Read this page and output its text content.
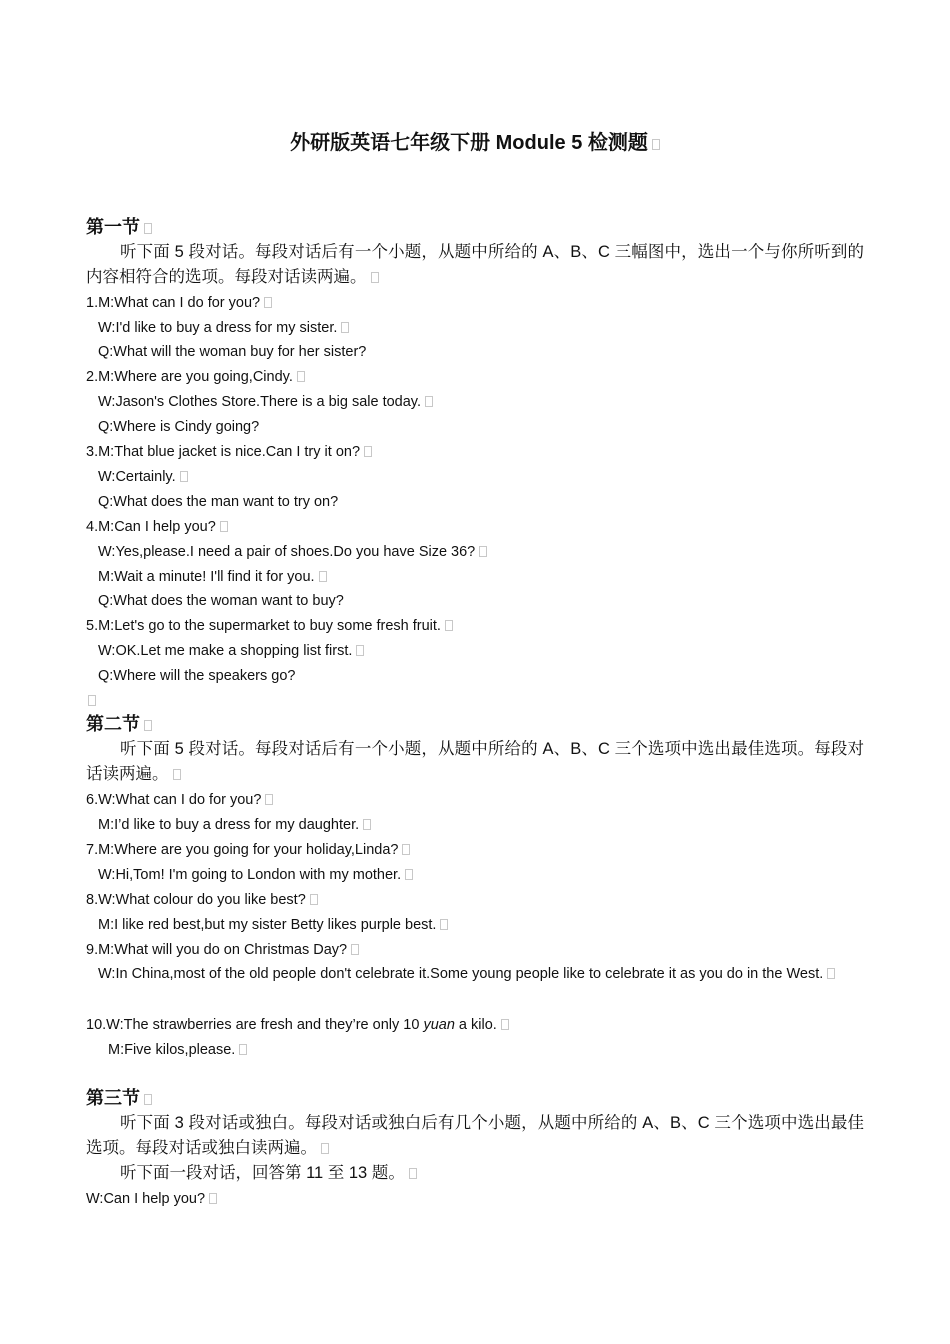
外研版英语七年级下册 Module 5 检测题
第一节
听下面 5 段对话。每段对话后有一个小题，从题中所给的 A、B、C 三幅图中，选出一个与你所听到的内容相符合的选项。每段对话读两遍。
1.M:What can I do for you?
W:I'd like to buy a dress for my sister.
Q:What will the woman buy for her sister?
2.M:Where are you going,Cindy.
W:Jason's Clothes Store.There is a big sale today.
Q:Where is Cindy going?
3.M:That blue jacket is nice.Can I try it on?
W:Certainly.
Q:What does the man want to try on?
4.M:Can I help you?
W:Yes,please.I need a pair of shoes.Do you have Size 36?
M:Wait a minute! I'll find it for you.
Q:What does the woman want to buy?
5.M:Let's go to the supermarket to buy some fresh fruit.
W:OK.Let me make a shopping list first.
Q:Where will the speakers go?
第二节
听下面 5 段对话。每段对话后有一个小题，从题中所给的 A、B、C 三个选项中选出最佳选项。每段对话读两遍。
6.W:What can I do for you?
M:I’d like to buy a dress for my daughter.
7.M:Where are you going for your holiday,Linda?
W:Hi,Tom! I'm going to London with my mother.
8.W:What colour do you like best?
M:I like red best,but my sister Betty likes purple best.
9.M:What will you do on Christmas Day?
W:In China,most of the old people don't celebrate it.Some young people like to celebrate it as you do in the West.
10.W:The strawberries are fresh and they’re only 10 yuan a kilo.
M:Five kilos,please.
第三节
听下面 3 段对话或独白。每段对话或独白后有几个小题，从题中所给的 A、B、C 三个选项中选出最佳选项。每段对话或独白读两遍。
听下面一段对话，回答第 11 至 13 题。
W:Can I help you?
